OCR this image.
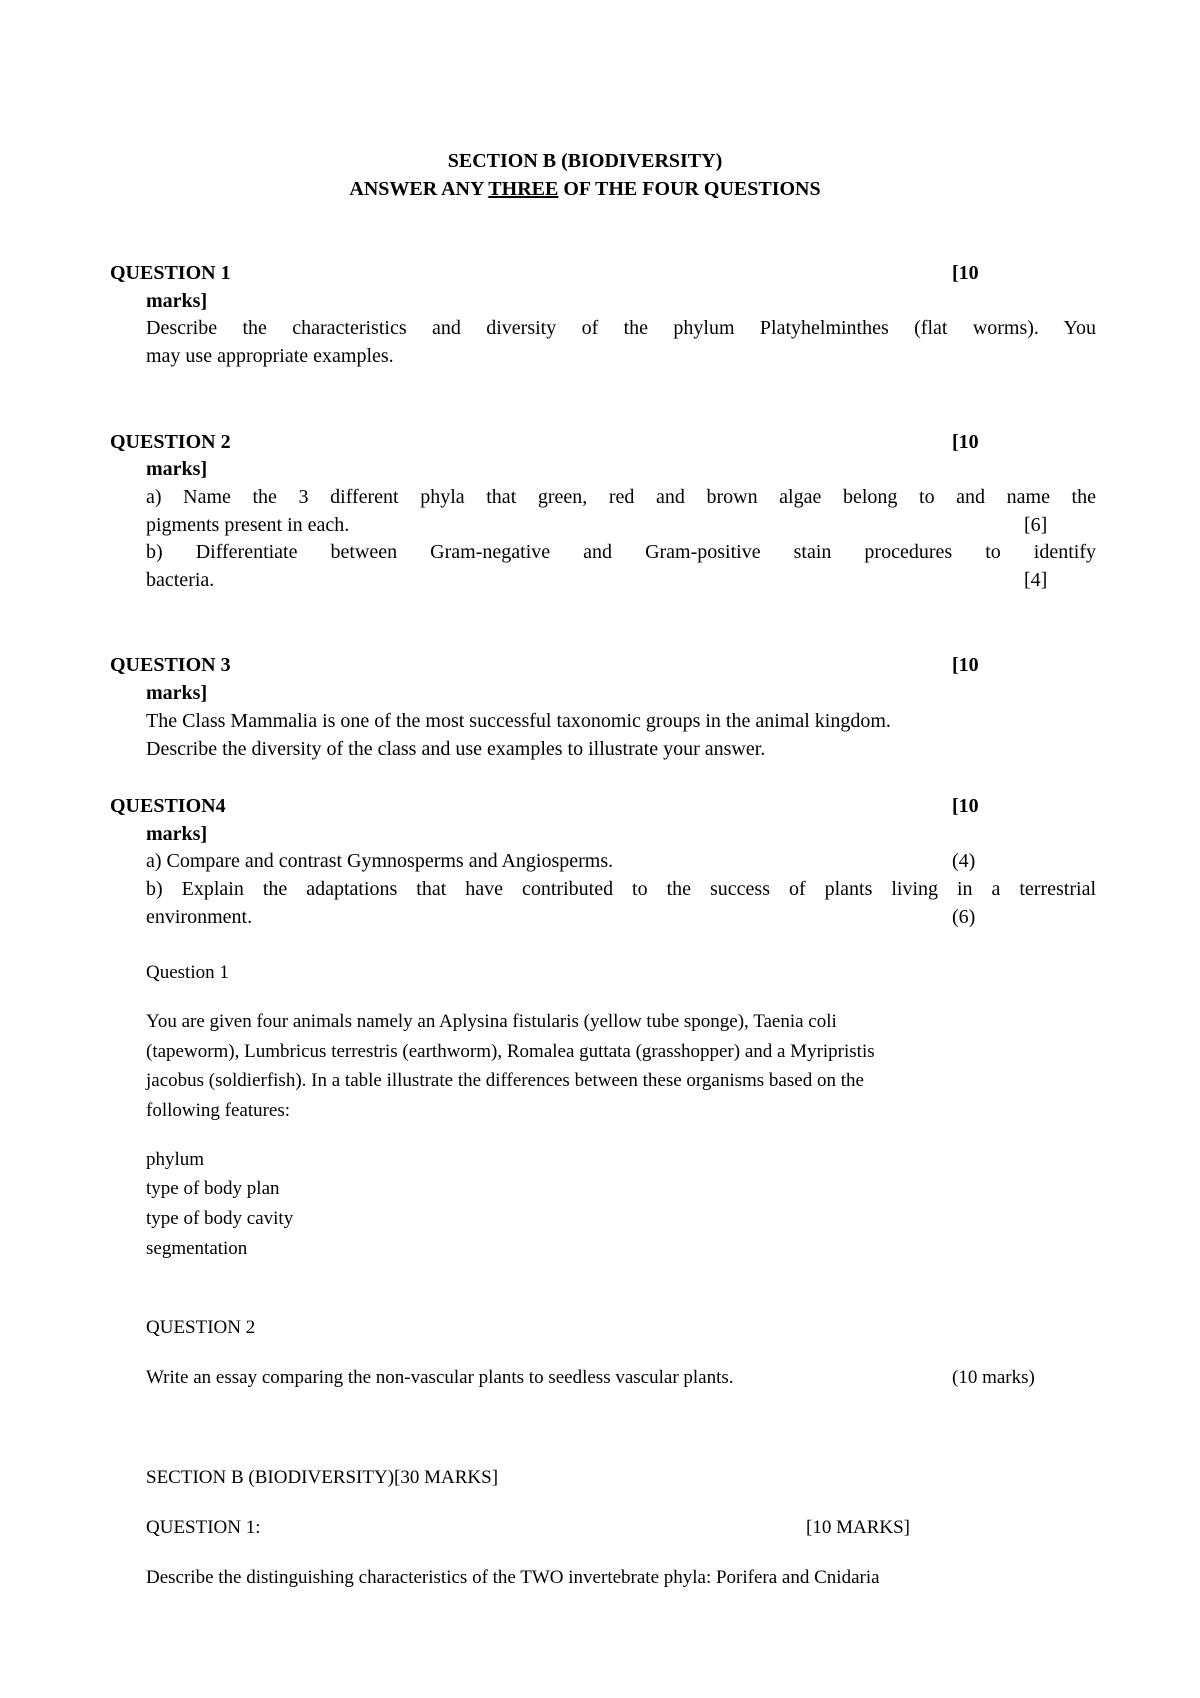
SECTION B (BIODIVERSITY)
ANSWER ANY THREE OF THE FOUR QUESTIONS
QUESTION 1	[10
marks]
Describe the characteristics and diversity of the phylum Platyhelminthes (flat worms). You
may use appropriate examples.
QUESTION 2	[10
marks]
a) Name the 3 different phyla that green, red and brown algae belong to and name the
pigments present in each.	[6]
b) Differentiate between Gram-negative and Gram-positive stain procedures to identify
bacteria.	[4]
QUESTION 3	[10
marks]
The Class Mammalia is one of the most successful taxonomic groups in the animal kingdom.
Describe the diversity of the class and use examples to illustrate your answer.
QUESTION4	[10
marks]
a) Compare and contrast Gymnosperms and Angiosperms.	(4)
b) Explain the adaptations that have contributed to the success of plants living in a terrestrial
environment.	(6)
Question 1
You are given four animals namely an Aplysina fistularis (yellow tube sponge), Taenia coli
(tapeworm), Lumbricus terrestris (earthworm), Romalea guttata (grasshopper) and a Myripristis
jacobus (soldierfish). In a table illustrate the differences between these organisms based on the
following features:
phylum
type of body plan
type of body cavity
segmentation
QUESTION 2
Write an essay comparing the non-vascular plants to seedless vascular plants.	(10 marks)
SECTION B (BIODIVERSITY)[30 MARKS]
QUESTION 1:	[10 MARKS]
Describe the distinguishing characteristics of the TWO invertebrate phyla: Porifera and Cnidaria
